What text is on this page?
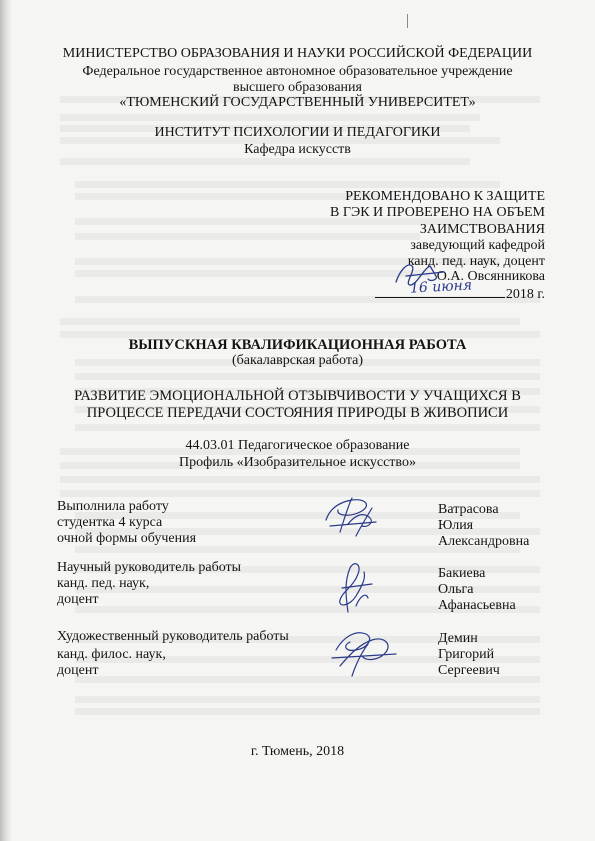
МИНИСТЕРСТВО ОБРАЗОВАНИЯ И НАУКИ РОССИЙСКОЙ ФЕДЕРАЦИИ
Федеральное государственное автономное образовательное учреждение
высшего образования
«ТЮМЕНСКИЙ ГОСУДАРСТВЕННЫЙ УНИВЕРСИТЕТ»
ИНСТИТУТ ПСИХОЛОГИИ И ПЕДАГОГИКИ
Кафедра искусств
РЕКОМЕНДОВАНО К ЗАЩИТЕ
В ГЭК И ПРОВЕРЕНО НА ОБЪЕМ
ЗАИМСТВОВАНИЯ
заведующий кафедрой
канд. пед. наук, доцент
О.А. Овсянникова
2018 г.
16 июня
ВЫПУСКНАЯ КВАЛИФИКАЦИОННАЯ РАБОТА
(бакалаврская работа)
РАЗВИТИЕ ЭМОЦИОНАЛЬНОЙ ОТЗЫВЧИВОСТИ У УЧАЩИХСЯ В
ПРОЦЕССЕ ПЕРЕДАЧИ СОСТОЯНИЯ ПРИРОДЫ В ЖИВОПИСИ
44.03.01 Педагогическое образование
Профиль «Изобразительное искусство»
Выполнила работу
студентка 4 курса
очной формы обучения
Ватрасова
Юлия
Александровна
Научный руководитель работы
канд. пед. наук,
доцент
Бакиева
Ольга
Афанасьевна
Художественный руководитель работы
канд. филос. наук,
доцент
Демин
Григорий
Сергеевич
г. Тюмень, 2018
